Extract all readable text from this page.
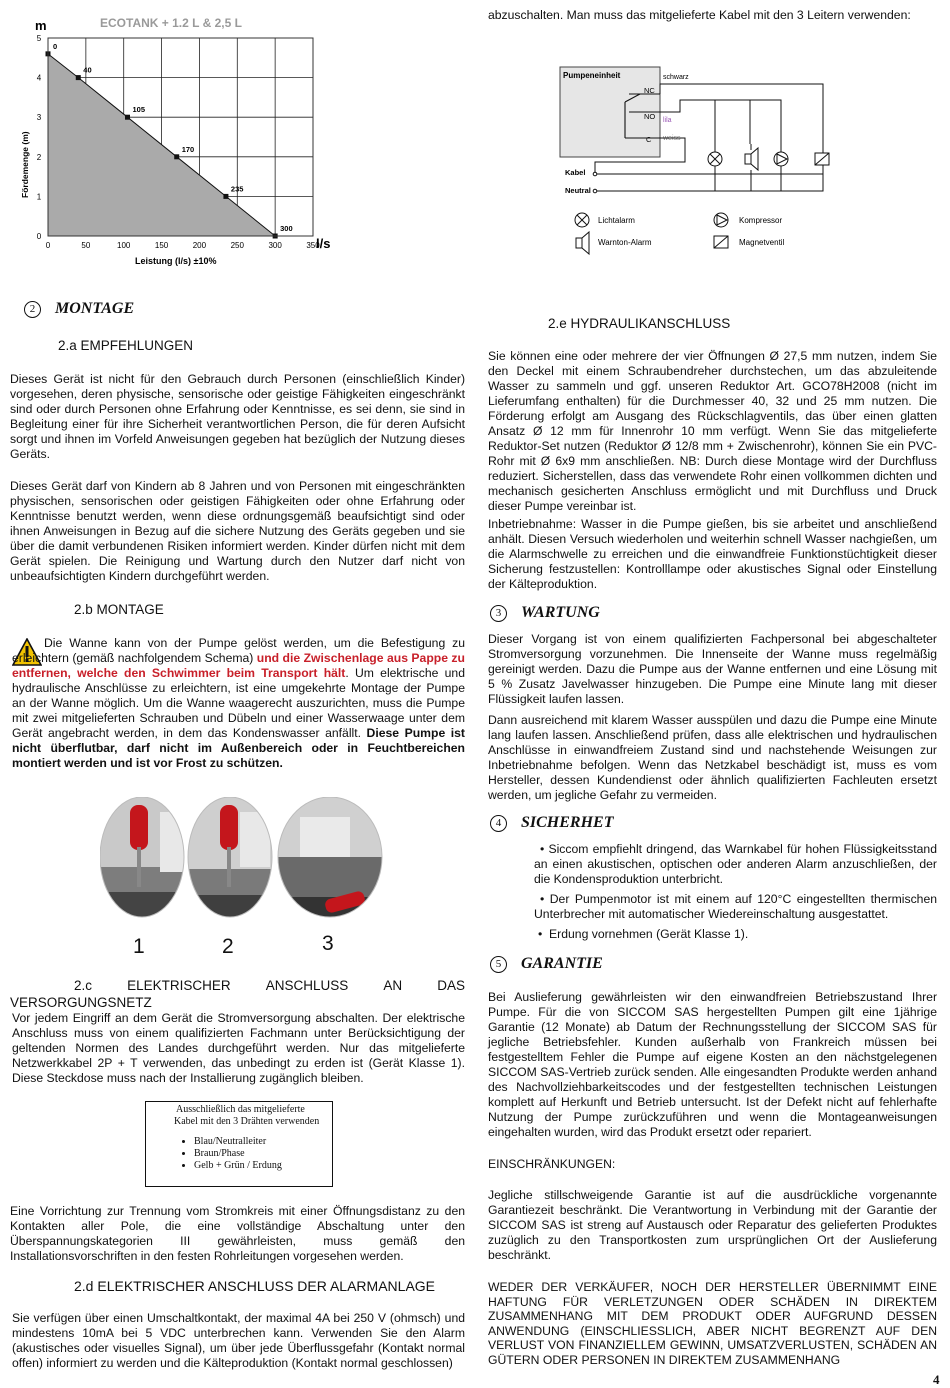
ECOTANK + 1.2 L & 2,5 L
m
l/s
Fördemenge (m)
Leistung (l/s) ±10%
0	50	100	150	200	250	300	350
0
1
2
3
4
5
0
40
105
170
235
300

abzuschalten. Man muss das mitgelieferte Kabel mit den 3 Leitern verwenden:

Pumpeneinheit
NC
NO
C
schwarz
lila
weiss
Kabel
Neutral
Lichtalarm	Kompressor
Warnton-Alarm	Magnetventil
2 MONTAGE
2.a EMPFEHLUNGEN

Dieses Gerät ist nicht für den Gebrauch durch Personen (einschließlich Kinder) vorgesehen, deren physische, sensorische oder geistige Fähigkeiten eingeschränkt sind oder durch Personen ohne Erfahrung oder Kenntnisse, es sei denn, sie sind in Begleitung einer für ihre Sicherheit verantwortlichen Person, die für deren Aufsicht sorgt und ihnen im Vorfeld Anweisungen gegeben hat bezüglich der Nutzung dieses Geräts.

Dieses Gerät darf von Kindern ab 8 Jahren und von Personen mit eingeschränkten physischen, sensorischen oder geistigen Fähigkeiten oder ohne Erfahrung oder Kenntnisse benutzt werden, wenn diese ordnungsgemäß beaufsichtigt sind oder ihnen Anweisungen in Bezug auf die sichere Nutzung des Geräts gegeben und sie über die damit verbundenen Risiken informiert werden. Kinder dürfen nicht mit dem Gerät spielen. Die Reinigung und Wartung durch den Nutzer darf nicht von unbeaufsichtigten Kindern durchgeführt werden.

2.b MONTAGE

Die Wanne kann von der Pumpe gelöst werden, um die Befestigung zu erleichtern (gemäß nachfolgendem Schema) und die Zwischenlage aus Pappe zu entfernen, welche den Schwimmer beim Transport hält. Um elektrische und hydraulische Anschlüsse zu erleichtern, ist eine umgekehrte Montage der Pumpe an der Wanne möglich. Um die Wanne waagerecht auszurichten, muss die Pumpe mit zwei mitgelieferten Schrauben und Dübeln und einer Wasserwaage unter dem Gerät angebracht werden, in dem das Kondenswasser anfällt. Diese Pumpe ist nicht überflutbar, darf nicht im Außenbereich oder in Feuchtbereichen montiert werden und ist vor Frost zu schützen.

1	2	3
2.c	ELEKTRISCHER	ANSCHLUSS	AN	DAS
VERSORGUNGSNETZ

Vor jedem Eingriff an dem Gerät die Stromversorgung abschalten. Der elektrische Anschluss muss von einem qualifizierten Fachmann unter Berücksichtigung der geltenden Normen des Landes durchgeführt werden. Nur das mitgelieferte Netzwerkkabel 2P + T verwenden, das unbedingt zu erden ist (Gerät Klasse 1). Diese Steckdose muss nach der Installierung zugänglich bleiben.

Ausschließlich das mitgelieferte
Kabel mit den 3 Drähten verwenden
• Blau/Neutralleiter
• Braun/Phase
• Gelb + Grün / Erdung

Eine Vorrichtung zur Trennung vom Stromkreis mit einer Öffnungsdistanz zu den Kontakten aller Pole, die eine vollständige Abschaltung unter den Überspannungskategorien III gewährleisten, muss gemäß den Installationsvorschriften in den festen Rohrleitungen vorgesehen werden.

2.d ELEKTRISCHER ANSCHLUSS DER ALARMANLAGE

Sie verfügen über einen Umschaltkontakt, der maximal 4A bei 250 V (ohmsch) und mindestens 10mA bei 5 VDC unterbrechen kann. Verwenden Sie den Alarm (akustisches oder visuelles Signal), um über jede Überflussgefahr (Kontakt normal offen) informiert zu werden und die Kälteproduktion (Kontakt normal geschlossen)

2.e HYDRAULIKANSCHLUSS

Sie können eine oder mehrere der vier Öffnungen Ø 27,5 mm nutzen, indem Sie den Deckel mit einem Schraubendreher durchstechen, um das abzuleitende Wasser zu sammeln und ggf. unseren Reduktor Art. GCO78H2008 (nicht im Lieferumfang enthalten) für die Durchmesser 40, 32 und 25 mm nutzen. Die Förderung erfolgt am Ausgang des Rückschlagventils, das über einen glatten Ansatz Ø 12 mm für Innenrohr 10 mm verfügt. Wenn Sie das mitgelieferte Reduktor-Set nutzen (Reduktor Ø 12/8 mm + Zwischenrohr), können Sie ein PVC-Rohr mit Ø 6x9 mm anschließen. NB: Durch diese Montage wird der Durchfluss reduziert. Sicherstellen, dass das verwendete Rohr einen vollkommen dichten und mechanisch gesicherten Anschluss ermöglicht und mit Durchfluss und Druck dieser Pumpe vereinbar ist.

Inbetriebnahme: Wasser in die Pumpe gießen, bis sie arbeitet und anschließend anhält. Diesen Versuch wiederholen und weiterhin schnell Wasser nachgießen, um die Alarmschwelle zu erreichen und die einwandfreie Funktionstüchtigkeit dieser Sicherung festzustellen: Kontrolllampe oder akustisches Signal oder Einstellung der Kälteproduktion.

3 WARTUNG

Dieser Vorgang ist von einem qualifizierten Fachpersonal bei abgeschalteter Stromversorgung vorzunehmen. Die Innenseite der Wanne muss regelmäßig gereinigt werden. Dazu die Pumpe aus der Wanne entfernen und eine Lösung mit 5 % Zusatz Javelwasser hinzugeben. Die Pumpe eine Minute lang mit dieser Flüssigkeit laufen lassen.

Dann ausreichend mit klarem Wasser ausspülen und dazu die Pumpe eine Minute lang laufen lassen. Anschließend prüfen, dass alle elektrischen und hydraulischen Anschlüsse in einwandfreiem Zustand sind und nachstehende Weisungen zur Inbetriebnahme befolgen. Wenn das Netzkabel beschädigt ist, muss es vom Hersteller, dessen Kundendienst oder ähnlich qualifizierten Fachleuten ersetzt werden, um jegliche Gefahr zu vermeiden.

4 SICHERHET

• Siccom empfiehlt dringend, das Warnkabel für hohen Flüssigkeitsstand an einen akustischen, optischen oder anderen Alarm anzuschließen, der die Kondensproduktion unterbricht.

• Der Pumpenmotor ist mit einem auf 120°C eingestellten thermischen Unterbrecher mit automatischer Wiedereinschaltung ausgestattet.

•  Erdung vornehmen (Gerät Klasse 1).

5 GARANTIE

Bei Auslieferung gewährleisten wir den einwandfreien Betriebszustand Ihrer Pumpe. Für die von SICCOM SAS hergestellten Pumpen gilt eine 1jährige Garantie (12 Monate) ab Datum der Rechnungsstellung der SICCOM SAS für jegliche Betriebsfehler. Kunden außerhalb von Frankreich müssen bei festgestelltem Fehler die Pumpe auf eigene Kosten an den nächstgelegenen SICCOM SAS-Vertrieb zurück senden. Alle eingesandten Produkte werden anhand des Nachvollziehbarkeitscodes und der festgestellten technischen Leistungen komplett auf Herkunft und Betrieb untersucht. Ist der Defekt nicht auf fehlerhafte Nutzung der Pumpe zurückzuführen und wenn die Montageanweisungen eingehalten wurden, wird das Produkt ersetzt oder repariert.

EINSCHRÄNKUNGEN:

Jegliche stillschweigende Garantie ist auf die ausdrückliche vorgenannte Garantiezeit beschränkt. Die Verantwortung in Verbindung mit der Garantie der SICCOM SAS ist streng auf Austausch oder Reparatur des gelieferten Produktes zuzüglich zu den Transportkosten zum ursprünglichen Ort der Auslieferung beschränkt.

WEDER DER VERKÄUFER, NOCH DER HERSTELLER ÜBERNIMMT EINE HAFTUNG FÜR VERLETZUNGEN ODER SCHÄDEN IN DIREKTEM ZUSAMMENHANG MIT DEM PRODUKT ODER AUFGRUND DESSEN ANWENDUNG (EINSCHLIESSLICH, ABER NICHT BEGRENZT AUF DEN VERLUST VON FINANZIELLEM GEWINN, UMSATZVERLUSTEN, SCHÄDEN AN GÜTERN ODER PERSONEN IN DIREKTEM ZUSAMMENHANG

4
